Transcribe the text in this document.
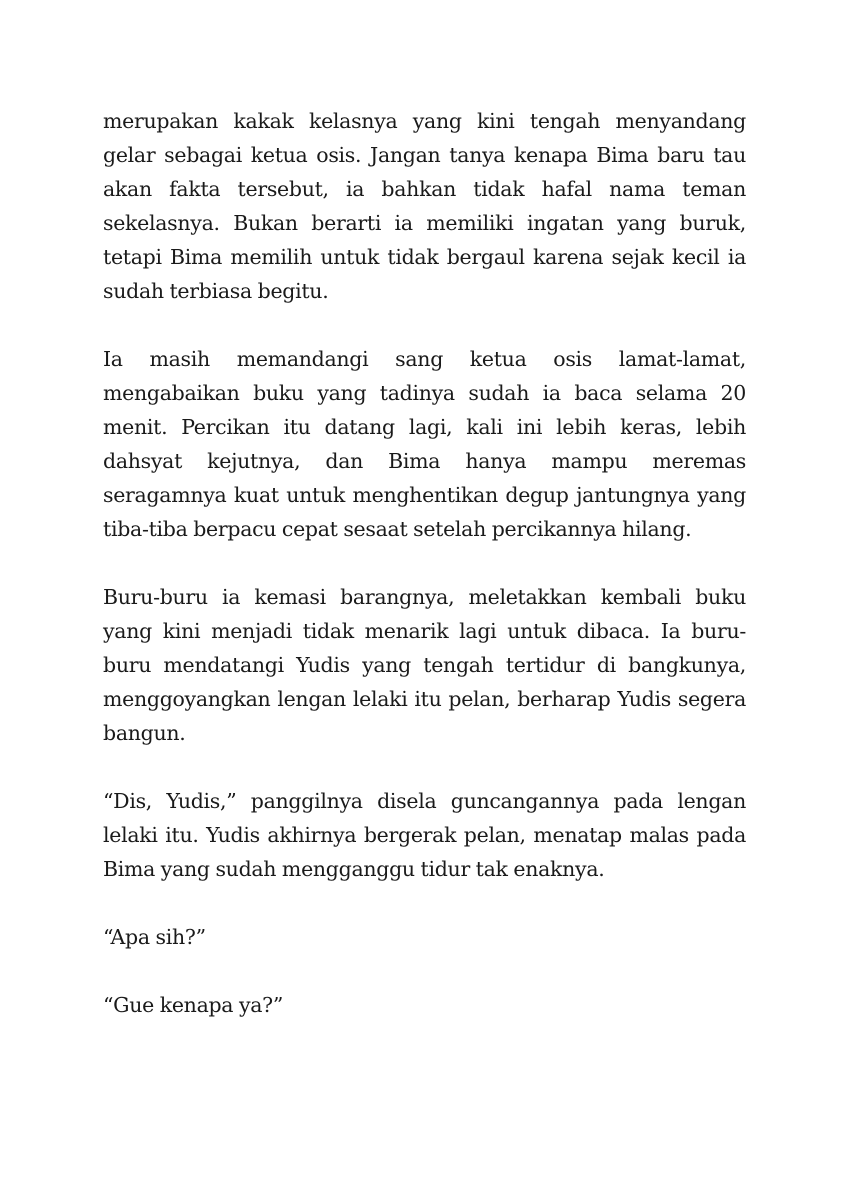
merupakan kakak kelasnya yang kini tengah menyandang gelar sebagai ketua osis. Jangan tanya kenapa Bima baru tau akan fakta tersebut, ia bahkan tidak hafal nama teman sekelasnya. Bukan berarti ia memiliki ingatan yang buruk, tetapi Bima memilih untuk tidak bergaul karena sejak kecil ia sudah terbiasa begitu.

Ia masih memandangi sang ketua osis lamat-lamat, mengabaikan buku yang tadinya sudah ia baca selama 20 menit. Percikan itu datang lagi, kali ini lebih keras, lebih dahsyat kejutnya, dan Bima hanya mampu meremas seragamnya kuat untuk menghentikan degup jantungnya yang tiba-tiba berpacu cepat sesaat setelah percikannya hilang.

Buru-buru ia kemasi barangnya, meletakkan kembali buku yang kini menjadi tidak menarik lagi untuk dibaca. Ia buru-buru mendatangi Yudis yang tengah tertidur di bangkunya, menggoyangkan lengan lelaki itu pelan, berharap Yudis segera bangun.

“Dis, Yudis,” panggilnya disela guncangannya pada lengan lelaki itu. Yudis akhirnya bergerak pelan, menatap malas pada Bima yang sudah mengganggu tidur tak enaknya.

“Apa sih?”

“Gue kenapa ya?”
